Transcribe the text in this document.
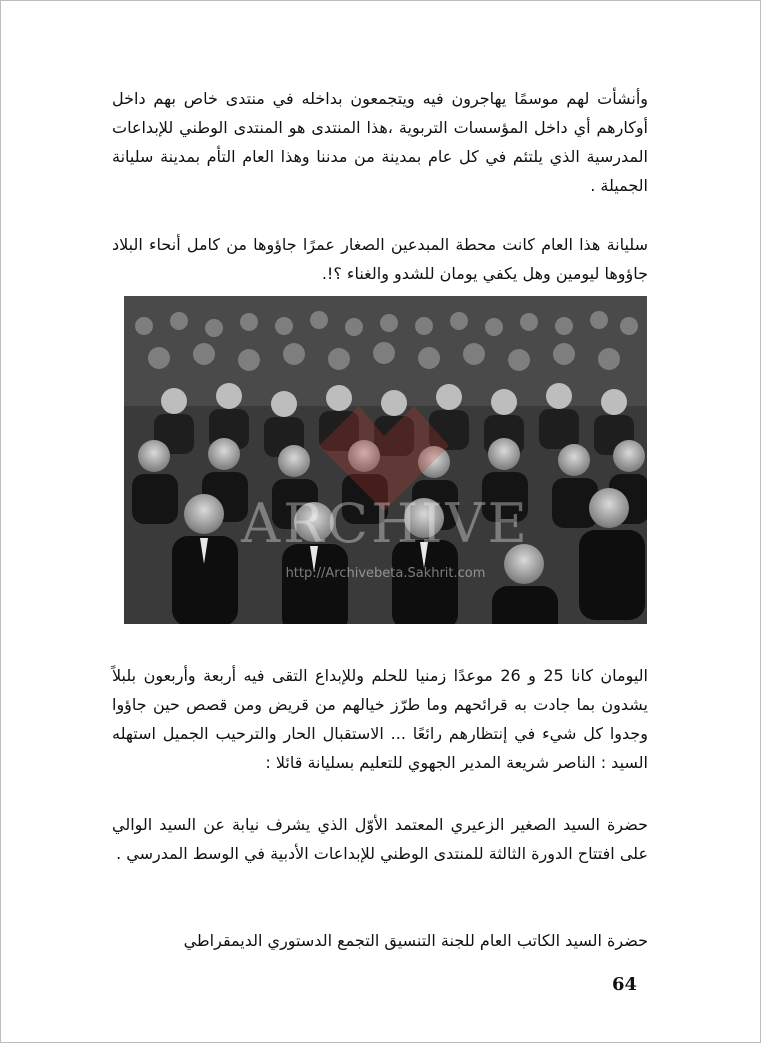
وأنشأت لهم موسمًا يهاجرون فيه ويتجمعون بداخله في منتدى خاص بهم داخل أوكارهم أي داخل المؤسسات التربوية ،هذا المنتدى هو المنتدى الوطني للإبداعات المدرسية الذي يلتئم في كل عام بمدينة من مدننا وهذا العام التأم بمدينة سليانة الجميلة .

سليانة هذا العام كانت محطة المبدعين الصغار عمرًا جاؤوها من كامل أنحاء البلاد جاؤوها ليومين وهل يكفي يومان للشدو والغناء ؟!.

ARCHIVE
http://Archivebeta.Sakhrit.com

اليومان كانا 25 و 26 موعدًا زمنيا للحلم وللإبداع التقى فيه أربعة وأربعون بلبلاً يشدون بما جادت به قرائحهم وما طرّز خيالهم من قريض ومن قصص حين جاؤوا وجدوا كل شيء في إنتظارهم رائعًا ... الاستقبال الحار والترحيب الجميل استهله السيد : الناصر شريعة المدير الجهوي للتعليم بسليانة قائلا :

حضرة السيد الصغير الزعيري المعتمد الأوّل الذي يشرف نيابة عن السيد الوالي على افتتاح الدورة الثالثة للمنتدى الوطني للإبداعات الأدبية في الوسط المدرسي .

حضرة السيد الكاتب العام للجنة التنسيق التجمع الدستوري الديمقراطي

64
